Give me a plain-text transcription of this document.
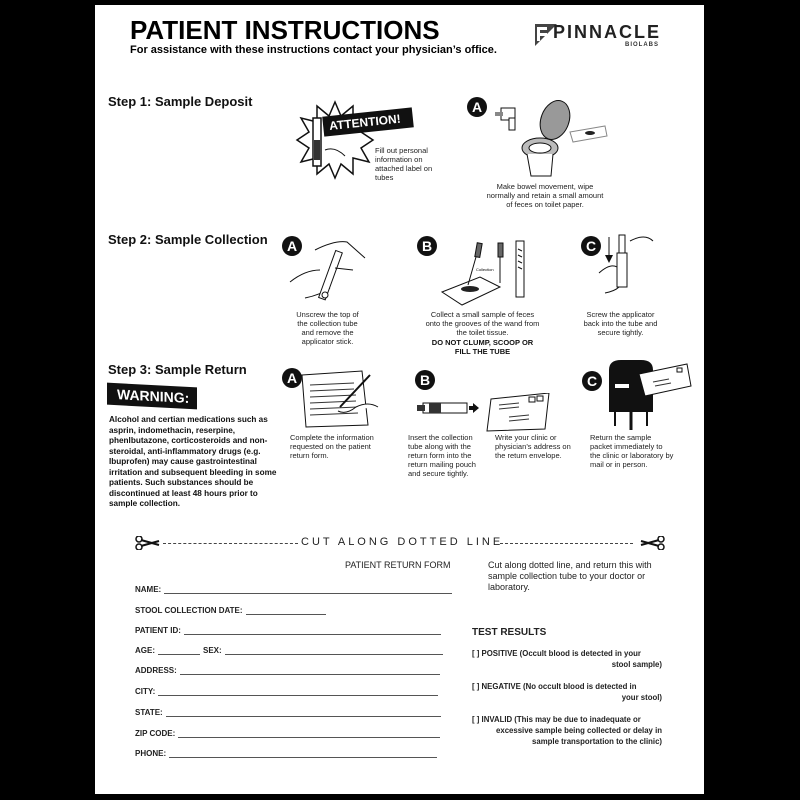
PATIENT INSTRUCTIONS
For assistance with these instructions contact your physician’s office.
PINNACLE
BIOLABS
Step 1: Sample Deposit
ATTENTION!
Fill out personal information on attached label on tubes
A
Make bowel movement, wipe normally and retain a small amount of feces on toilet paper.
Step 2: Sample Collection	A
Unscrew the top of the collection tube and remove the applicator stick.
B
Collection
Collect a small sample of feces onto the grooves of the wand from the toilet tissue.
DO NOT CLUMP, SCOOP OR FILL THE TUBE
C
Screw the applicator back into the tube and secure tightly.
Step 3: Sample Return
WARNING:
Alcohol and certian medications such as asprin, indomethacin, reserpine, phenlbutazone, corticosteroids and non-steroidal, anti-inflammatory drugs (e.g. Ibuprofen) may cause gastrointestinal irritation and subsequent bleeding in some patients. Such substances should be discontinued at least 48 hours prior to sample collection.
A
Complete the information requested on the patient return form.
B
Insert the collection tube along with the return form into the return mailing pouch and secure tightly.
Write your clinic or physician’s address on the return envelope.
C
Return the sample packet immediately to the clinic or laboratory by mail or in person.
CUT ALONG DOTTED LINE
PATIENT RETURN FORM	Cut along dotted line, and return this with sample collection tube to your doctor or laboratory.
NAME:
STOOL COLLECTION DATE:
PATIENT ID:
AGE:	SEX:
ADDRESS:
CITY:
STATE:
ZIP CODE:
PHONE:
TEST RESULTS
[ ] POSITIVE (Occult blood is detected in your
stool sample)
[ ] NEGATIVE (No occult blood is detected in
your stool)
[ ] INVALID (This may be due to inadequate or
excessive sample being collected or delay in sample transportation to the clinic)
